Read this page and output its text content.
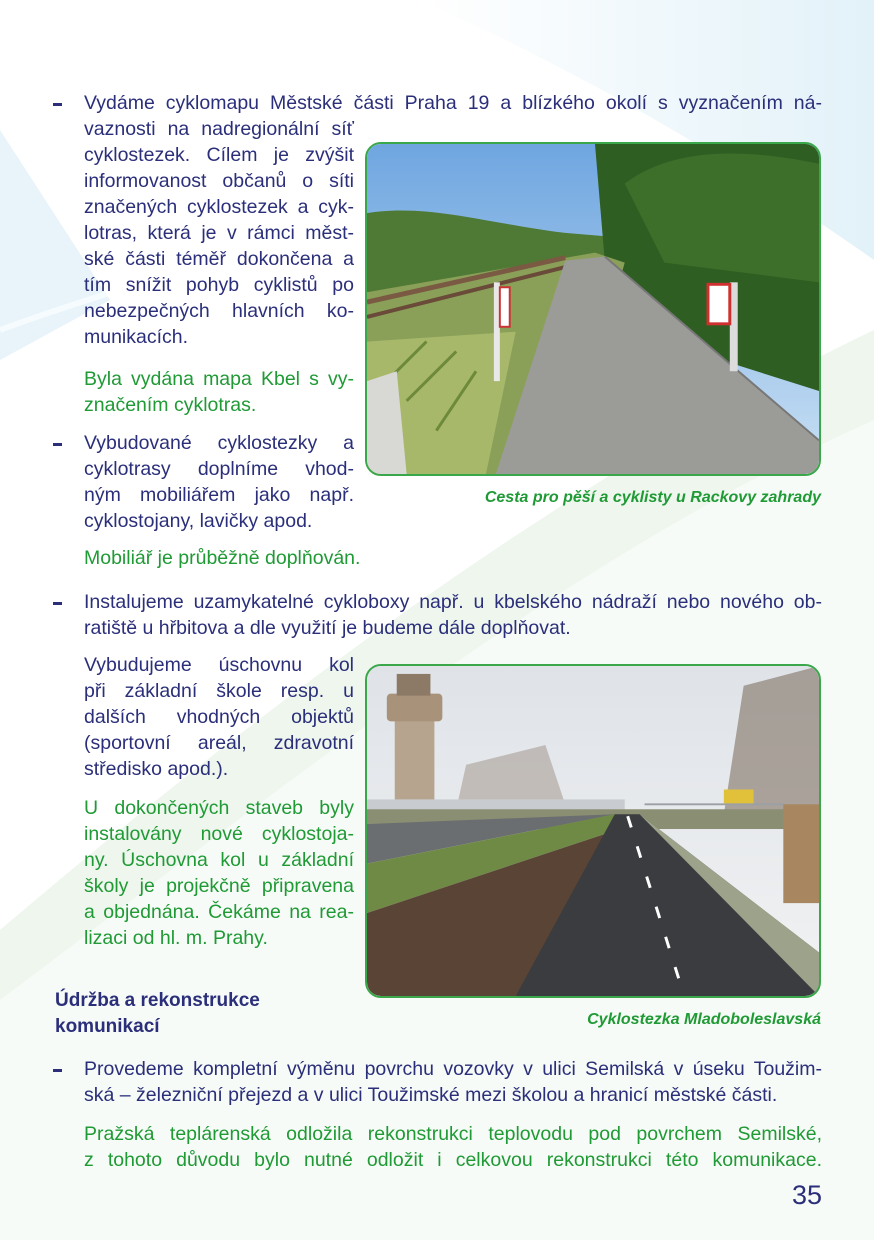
Vydáme cyklomapu Městské části Praha 19 a blízkého okolí s vyznačením ná-
vaznosti na nadregionální síť
cyklostezek. Cílem je zvýšit
informovanost občanů o síti
značených cyklostezek a cyk-
lotras, která je v rámci měst-
ské části téměř dokončena a
tím snížit pohyb cyklistů po
nebezpečných hlavních ko-
munikacích.
Byla vydána mapa Kbel s vy-
značením cyklotras.
Vybudované cyklostezky a
cyklotrasy doplníme vhod-
ným mobiliářem jako např.
cyklostojany, lavičky apod.
Mobiliář je průběžně doplňován.
Cesta pro pěší a cyklisty u Rackovy zahrady
Instalujeme uzamykatelné cykloboxy např. u kbelského nádraží nebo nového ob-
ratiště u hřbitova a dle využití je budeme dále doplňovat.
Vybudujeme úschovnu kol
při základní škole resp. u
dalších vhodných objektů
(sportovní areál, zdravotní
středisko apod.).
U dokončených staveb byly
instalovány nové cyklostoja-
ny. Úschovna kol u základní
školy je projekčně připravena
a objednána. Čekáme na rea-
lizaci od hl. m. Prahy.
Cyklostezka Mladoboleslavská
Údržba a rekonstrukce
komunikací
Provedeme kompletní výměnu povrchu vozovky v ulici Semilská v úseku Toužim-
ská – železniční přejezd a v ulici Toužimské mezi školou a hranicí městské části.
Pražská teplárenská odložila rekonstrukci teplovodu pod povrchem Semilské,
z tohoto důvodu bylo nutné odložit i celkovou rekonstrukci této komunikace.
35
